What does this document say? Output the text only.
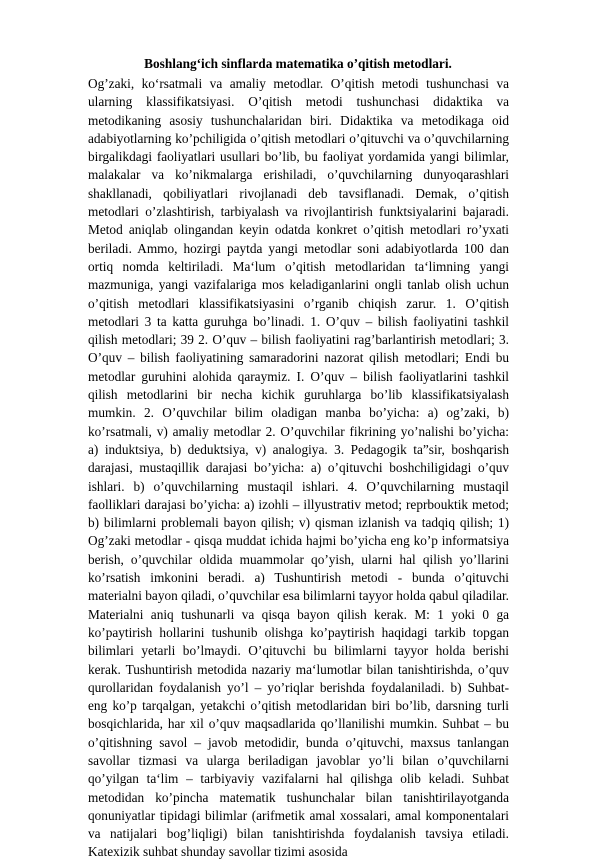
Boshlang‘ich sinflarda matematika o’qitish metodlari.

Og’zaki, ko‘rsatmali va amaliy metodlar. O’qitish metodi tushunchasi va ularning klassifikatsiyasi. O’qitish metodi tushunchasi didaktika va metodikaning asosiy tushunchalaridan biri. Didaktika va metodikaga oid adabiyotlarning ko’pchiligida o’qitish metodlari o’qituvchi va o’quvchilarning birgalikdagi faoliyatlari usullari bo’lib, bu faoliyat yordamida yangi bilimlar, malakalar va ko’nikmalarga erishiladi, o’quvchilarning dunyoqarashlari shakllanadi, qobiliyatlari rivojlanadi deb tavsiflanadi. Demak, o’qitish metodlari o’zlashtirish, tarbiyalash va rivojlantirish funktsiyalarini bajaradi. Metod aniqlab olingandan keyin odatda konkret o’qitish metodlari ro’yxati beriladi. Ammo, hozirgi paytda yangi metodlar soni adabiyotlarda 100 dan ortiq nomda keltiriladi. Ma‘lum o’qitish metodlaridan ta‘limning yangi mazmuniga, yangi vazifalariga mos keladiganlarini ongli tanlab olish uchun o’qitish metodlari klassifikatsiyasini o’rganib chiqish zarur. 1. O’qitish metodlari 3 ta katta guruhga bo’linadi. 1. O’quv – bilish faoliyatini tashkil qilish metodlari; 39 2. O’quv – bilish faoliyatini rag’barlantirish metodlari; 3. O’quv – bilish faoliyatining samaradorini nazorat qilish metodlari; Endi bu metodlar guruhini alohida qaraymiz. I. O’quv – bilish faoliyatlarini tashkil qilish metodlarini bir necha kichik guruhlarga bo’lib klassifikatsiyalash mumkin. 2. O’quvchilar bilim oladigan manba bo’yicha: a) og’zaki, b) ko’rsatmali, v) amaliy metodlar 2. O’quvchilar fikrining yo’nalishi bo’yicha: a) induktsiya, b) deduktsiya, v) analogiya. 3. Pedagogik ta”sir, boshqarish darajasi, mustaqillik darajasi bo’yicha: a) o’qituvchi boshchiligidagi o’quv ishlari. b) o’quvchilarning mustaqil ishlari. 4. O’quvchilarning mustaqil faolliklari darajasi bo’yicha: a) izohli – illyustrativ metod; reprbouktik metod; b) bilimlarni problemali bayon qilish; v) qisman izlanish va tadqiq qilish; 1) Og’zaki metodlar - qisqa muddat ichida hajmi bo’yicha eng ko’p informatsiya berish, o’quvchilar oldida muammolar qo’yish, ularni hal qilish yo’llarini ko’rsatish imkonini beradi. a) Tushuntirish metodi - bunda o’qituvchi materialni bayon qiladi, o’quvchilar esa bilimlarni tayyor holda qabul qiladilar. Materialni aniq tushunarli va qisqa bayon qilish kerak. M: 1 yoki 0 ga ko’paytirish hollarini tushunib olishga ko’paytirish haqidagi tarkib topgan bilimlari yetarli bo’lmaydi. O’qituvchi bu bilimlarni tayyor holda berishi kerak. Tushuntirish metodida nazariy ma‘lumotlar bilan tanishtirishda, o’quv qurollaridan foydalanish yo’l – yo’riqlar berishda foydalaniladi. b) Suhbat- eng ko’p tarqalgan, yetakchi o’qitish metodlaridan biri bo’lib, darsning turli bosqichlarida, har xil o’quv maqsadlarida qo’llanilishi mumkin. Suhbat – bu o’qitishning savol – javob metodidir, bunda o’qituvchi, maxsus tanlangan savollar tizmasi va ularga beriladigan javoblar yo’li bilan o’quvchilarni qo’yilgan ta‘lim – tarbiyaviy vazifalarni hal qilishga olib keladi. Suhbat metodidan ko’pincha matematik tushunchalar bilan tanishtirilayotganda qonuniyatlar tipidagi bilimlar (arifmetik amal xossalari, amal komponentalari va natijalari bog’liqligi) bilan tanishtirishda foydalanish tavsiya etiladi. Katexizik suhbat shunday savollar tizimi asosida
